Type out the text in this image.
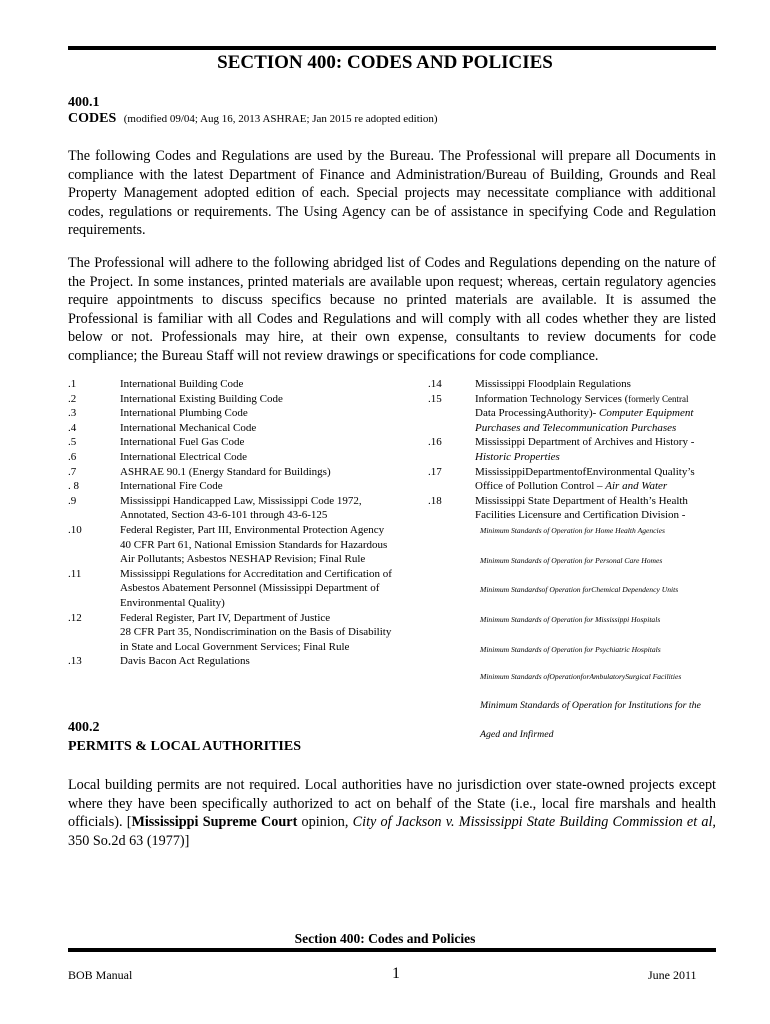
SECTION 400: CODES AND POLICIES
400.1
CODES (modified 09/04; Aug 16, 2013 ASHRAE; Jan 2015 re adopted edition)
The following Codes and Regulations are used by the Bureau. The Professional will prepare all Documents in compliance with the latest Department of Finance and Administration/Bureau of Building, Grounds and Real Property Management adopted edition of each. Special projects may necessitate compliance with additional codes, regulations or requirements. The Using Agency can be of assistance in specifying Code and Regulation requirements.
The Professional will adhere to the following abridged list of Codes and Regulations depending on the nature of the Project. In some instances, printed materials are available upon request; whereas, certain regulatory agencies require appointments to discuss specifics because no printed materials are available. It is assumed the Professional is familiar with all Codes and Regulations and will comply with all codes whether they are listed below or not. Professionals may hire, at their own expense, consultants to review documents for code compliance; the Bureau Staff will not review drawings or specifications for code compliance.
.1	International Building Code
.2	International Existing Building Code
.3	International Plumbing Code
.4	International Mechanical Code
.5	International Fuel Gas Code
.6	International Electrical Code
.7	ASHRAE 90.1 (Energy Standard for Buildings)
. 8	International Fire Code
.9	Mississippi Handicapped Law, Mississippi Code 1972,
Annotated, Section 43-6-101 through 43-6-125
.10	Federal Register, Part III, Environmental Protection Agency
40 CFR Part 61, National Emission Standards for Hazardous
Air Pollutants; Asbestos NESHAP Revision; Final Rule
.11	Mississippi Regulations for Accreditation and Certification of
Asbestos Abatement Personnel (Mississippi Department of
Environmental Quality)
.12	Federal Register, Part IV, Department of Justice
28 CFR Part 35, Nondiscrimination on the Basis of Disability
in State and Local Government Services; Final Rule
.13	Davis Bacon Act Regulations
.14	Mississippi Floodplain Regulations
.15	Information Technology Services (formerly Central
Data ProcessingAuthority)- Computer Equipment
Purchases and Telecommunication Purchases
.16	Mississippi Department of Archives and History -
Historic Properties
.17	MississippiDepartmentofEnvironmental Quality’s
Office of Pollution Control – Air and Water
.18	Mississippi State Department of Health’s Health
Facilities Licensure and Certification Division -

Minimum Standards of Operation for Home Health Agencies

Minimum Standards of Operation for Personal Care Homes

Minimum Standardsof Operation forChemical Dependency Units

Minimum Standards of Operation for Mississippi Hospitals

Minimum Standards of Operation for Psychiatric Hospitals

Minimum Standards ofOperationforAmbulatorySurgical Facilities

Minimum Standards of Operation for Institutions for the

Aged and Infirmed

400.2
PERMITS & LOCAL AUTHORITIES
Local building permits are not required. Local authorities have no jurisdiction over state-owned projects except where they have been specifically authorized to act on behalf of the State (i.e., local fire marshals and health officials). [Mississippi Supreme Court opinion, City of Jackson v. Mississippi State Building Commission et al, 350 So.2d 63 (1977)]
Section 400: Codes and Policies
BOB Manual	1	June 2011
